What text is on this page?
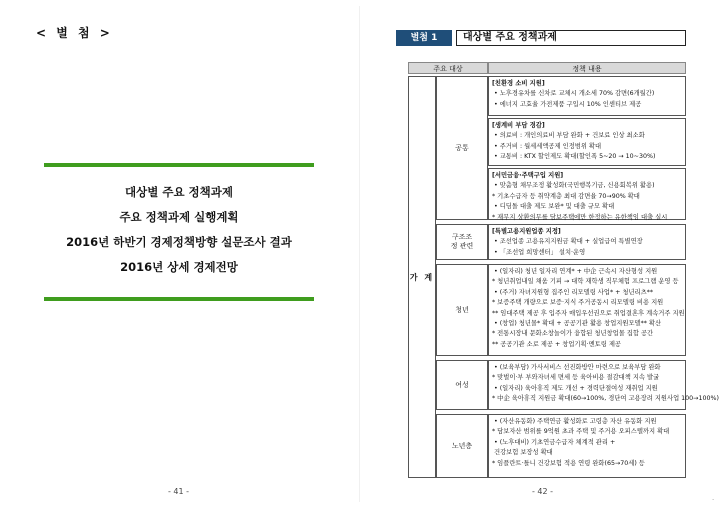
< 별 첨 >
대상별 주요 정책과제
주요 정책과제 실행계획
2016년 하반기 경제정책방향 설문조사 결과
2016년 상세 경제전망
- 41 -
별첨 1	대상별 주요 정책과제
주요 대상	정책 내용
가 계
공통
구조조정 관련
청년
여성
노년층
[친환경 소비 지원]
• 노후경유차를 신차로 교체시 개소세 70% 감면(6개월간)
• 에너지 고효율 가전제품 구입시 10% 인센티브 제공
[생계비 부담 경감]
• 의료비 : 개인의료비 부담 완화 + 건보료 인상 최소화
• 주거비 : 월세세액공제 인정범위 확대
• 교통비 : KTX 할인제도 확대(할인폭 5~20 → 10~30%)
[서민금융·주택구입 지원]
• 맞춤형 채무조정 활성화(국민행복기금, 신용회복위 활용)
* 기초수급자 등 취약계층 최대 감면율 70→90% 확대
• 디딤돌 대출 제도 보완* 및 대출 규모 확대
* 재무지 상환의무를 담보주택에만 한정하는 유한책임 대출 실시
[특별고용지원업종 지정]
• 조선업종 고용유지지원금 확대 + 실업급여 특별연장
• 「조선업 희망센터」 설치·운영
• (일자리) 청년 일자리 연계* + 中企 근속시 자산형성 지원
* 청년취업내일 채움 기피 → 대학 재학생 직무체험 프로그램 운영 등
• (주거) 자녀지원형 집주인 리모델링 사업* + 청년리츠**
* 보증주택 개량으로 보증·지식 주거공동시 리모델링 비용 지원
** 임대주택 제공 후 입주자 매입우선권으로 취업결혼후 계속거주 지원
• (창업) 청년몰* 확대 + 공공기관 활용 창업지원모델** 확산
* 전통시장내 문화소창놀이가 융합된 청년창업몰 집합 공간
** 공공기관 소로 제공 + 창업기획·멘토링 제공
• (보육부담) 가사서비스 선진화방안 마련으로 보육부담 완화
* 맞벌이·부 부와자녀세 면세 등 육아비용 절감대책 지속 발굴
• (일자리) 육아휴직 제도 개선 + 경력단절여성 재취업 지원
* 中企 육아휴직 지원금 확대(60→100%, 경단여 고용장려 지원사업 100→100%)
• (자산유동화) 주택연금 활성화로 고령층 자산 유동화 지원
* 담보자산 범위를 9억원 초과 주택 및 주거용 오피스텔까지 확대
• (노후대비) 기초연금수급자 체계적 관리 +
건강보험 보장성 확대
* 임플란트·틀니 건강보험 적용 연령 완화(65→70세) 등
- 42 -
.
